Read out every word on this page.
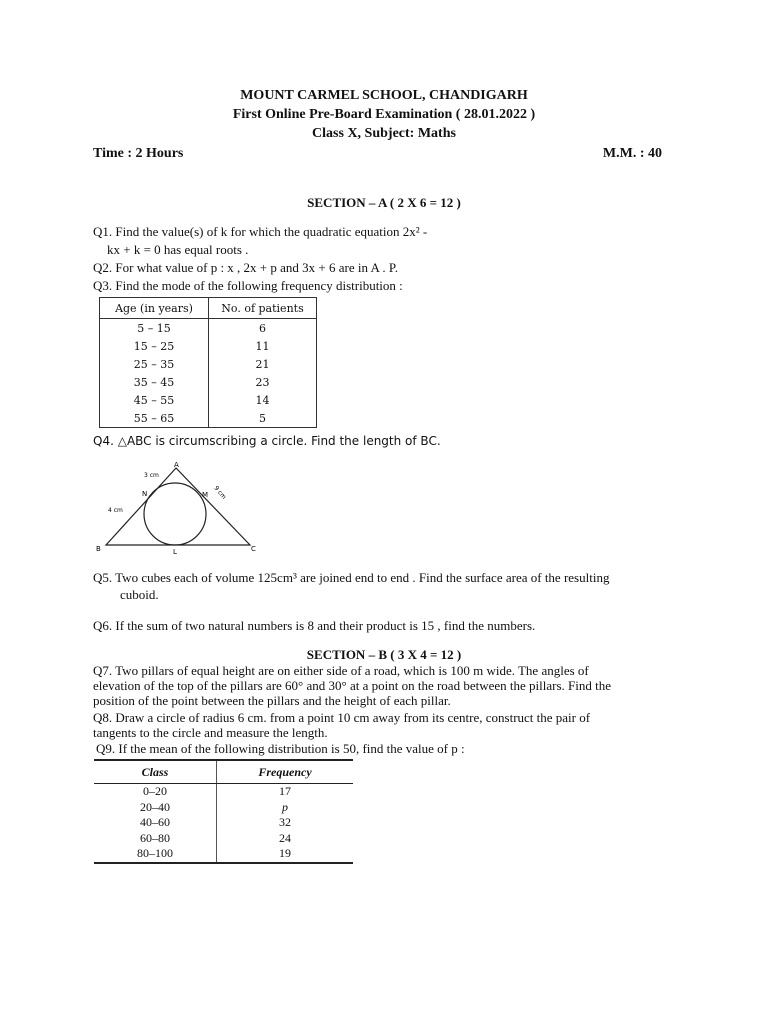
MOUNT CARMEL SCHOOL, CHANDIGARH
First Online Pre-Board Examination ( 28.01.2022 )
Class X, Subject: Maths
Time : 2 Hours	M.M. : 40
SECTION – A ( 2 X 6 = 12 )
Q1. Find the value(s) of k for which the quadratic equation 2x² -
kx + k = 0 has equal roots .
Q2. For what value of p : x , 2x + p and 3x + 6 are in A . P.
Q3. Find the mode of the following frequency distribution :
Age (in years)	No. of patients
5 – 15	6
15 – 25	11
25 – 35	21
35 – 45	23
45 – 55	14
55 – 65	5
Q4. △ABC is circumscribing a circle. Find the length of BC.
A
B	C
N	M
L
3 cm
4 cm
9 cm
Q5. Two cubes each of volume 125cm³ are joined end to end . Find the surface area of the resulting
cuboid.
Q6. If the sum of two natural numbers is 8 and their product is 15 , find the numbers.
SECTION – B ( 3 X 4 = 12 )
Q7. Two pillars of equal height are on either side of a road, which is 100 m wide. The angles of
elevation of the top of the pillars are 60° and 30° at a point on the road between the pillars. Find the
position of the point between the pillars and the height of each pillar.
Q8. Draw a circle of radius 6 cm. from a point 10 cm away from its centre, construct the pair of
tangents to the circle and measure the length.
Q9. If the mean of the following distribution is 50, find the value of p :
Class	Frequency
0–20	17
20–40	p
40–60	32
60–80	24
80–100	19
